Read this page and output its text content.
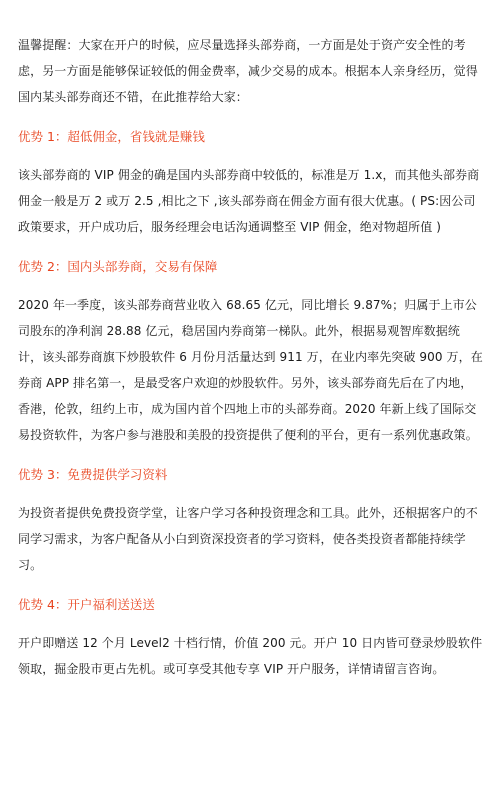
温馨提醒：大家在开户的时候，应尽量选择头部券商，一方面是处于资产安全性的考虑，另一方面是能够保证较低的佣金费率，减少交易的成本。根据本人亲身经历，觉得国内某头部券商还不错，在此推荐给大家：

优势 1：超低佣金，省钱就是赚钱

该头部券商的 VIP 佣金的确是国内头部券商中较低的，标准是万 1.x，而其他头部券商佣金一般是万 2 或万 2.5 ,相比之下 ,该头部券商在佣金方面有很大优惠。( PS:因公司政策要求，开户成功后，服务经理会电话沟通调整至 VIP 佣金，绝对物超所值 )

优势 2：国内头部券商，交易有保障

2020 年一季度，该头部券商营业收入 68.65 亿元，同比增长 9.87%；归属于上市公司股东的净利润 28.88 亿元，稳居国内券商第一梯队。此外，根据易观智库数据统计，该头部券商旗下炒股软件 6 月份月活量达到 911 万，在业内率先突破 900 万，在券商 APP 排名第一，是最受客户欢迎的炒股软件。另外，该头部券商先后在了内地，香港，伦敦，纽约上市，成为国内首个四地上市的头部券商。2020 年新上线了国际交易投资软件，为客户参与港股和美股的投资提供了便利的平台，更有一系列优惠政策。

优势 3：免费提供学习资料

为投资者提供免费投资学堂，让客户学习各种投资理念和工具。此外，还根据客户的不同学习需求，为客户配备从小白到资深投资者的学习资料，使各类投资者都能持续学习。

优势 4：开户福利送送送

开户即赠送 12 个月 Level2 十档行情，价值 200 元。开户 10 日内皆可登录炒股软件领取，掘金股市更占先机。或可享受其他专享 VIP 开户服务，详情请留言咨询。
